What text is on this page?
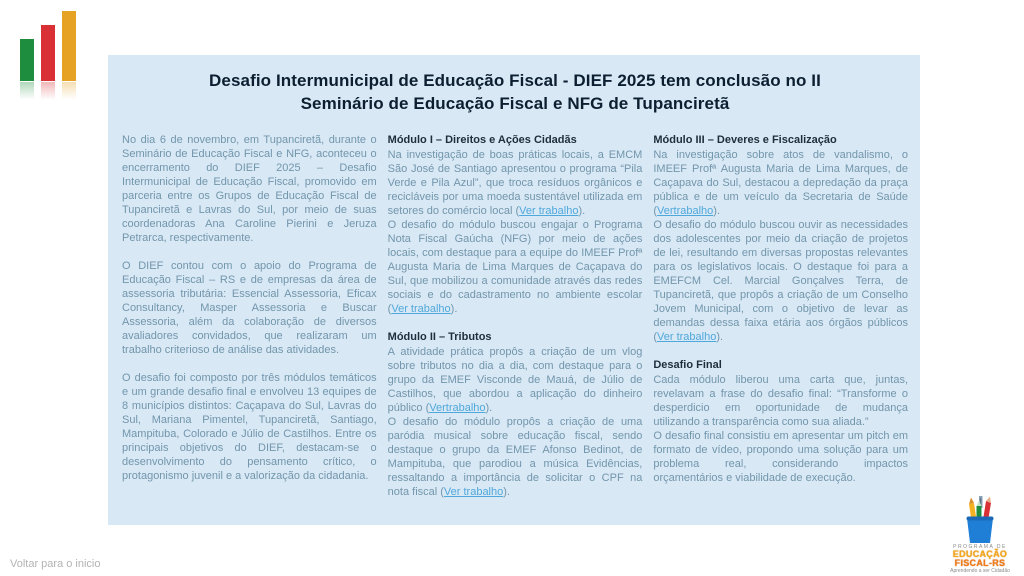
Desafio Intermunicipal de Educação Fiscal - DIEF 2025 tem conclusão no II
Seminário de Educação Fiscal e NFG de Tupanciretã

No dia 6 de novembro, em Tupanciretã, durante o Seminário de Educação Fiscal e NFG, aconteceu o encerramento do DIEF 2025 – Desafio Intermunicipal de Educação Fiscal, promovido em parceria entre os Grupos de Educação Fiscal de Tupanciretã e Lavras do Sul, por meio de suas coordenadoras Ana Caroline Pierini e Jeruza Petrarca, respectivamente.

O DIEF contou com o apoio do Programa de Educação Fiscal – RS e de empresas da área de assessoria tributária: Essencial Assessoria, Eficax Consultancy, Masper Assessoria e Buscar Assessoria, além da colaboração de diversos avaliadores convidados, que realizaram um trabalho criterioso de análise das atividades.

O desafio foi composto por três módulos temáticos e um grande desafio final e envolveu 13 equipes de 8 municípios distintos: Caçapava do Sul, Lavras do Sul, Mariana Pimentel, Tupanciretã, Santiago, Mampituba, Colorado e Júlio de Castilhos. Entre os principais objetivos do DIEF, destacam-se o desenvolvimento do pensamento crítico, o protagonismo juvenil e a valorização da cidadania.

Módulo I – Direitos e Ações Cidadãs

Na investigação de boas práticas locais, a EMCM São José de Santiago apresentou o programa “Pila Verde e Pila Azul”, que troca resíduos orgânicos e recicláveis por uma moeda sustentável utilizada em setores do comércio local (Ver trabalho).

O desafio do módulo buscou engajar o Programa Nota Fiscal Gaúcha (NFG) por meio de ações locais, com destaque para a equipe do IMEEF Profª Augusta Maria de Lima Marques de Caçapava do Sul, que mobilizou a comunidade através das redes sociais e do cadastramento no ambiente escolar (Ver trabalho).

Módulo II – Tributos

A atividade prática propôs a criação de um vlog sobre tributos no dia a dia, com destaque para o grupo da EMEF Visconde de Mauá, de Júlio de Castilhos, que abordou a aplicação do dinheiro público (Vertrabalho).

O desafio do módulo propôs a criação de uma paródia musical sobre educação fiscal, sendo destaque o grupo da EMEF Afonso Bedinot, de Mampituba, que parodiou a música Evidências, ressaltando a importância de solicitar o CPF na nota fiscal (Ver trabalho).

Módulo III – Deveres e Fiscalização

Na investigação sobre atos de vandalismo, o IMEEF Profª Augusta Maria de Lima Marques, de Caçapava do Sul, destacou a depredação da praça pública e de um veículo da Secretaria de Saúde (Vertrabalho).

O desafio do módulo buscou ouvir as necessidades dos adolescentes por meio da criação de projetos de lei, resultando em diversas propostas relevantes para os legislativos locais. O destaque foi para a EMEFCM Cel. Marcial Gonçalves Terra, de Tupanciretã, que propôs a criação de um Conselho Jovem Municipal, com o objetivo de levar as demandas dessa faixa etária aos órgãos públicos (Ver trabalho).

Desafio Final

Cada módulo liberou uma carta que, juntas, revelavam a frase do desafio final: “Transforme o desperdicio em oportunidade de mudança utilizando a transparência como sua aliada.”

O desafio final consistiu em apresentar um pitch em formato de vídeo, propondo uma solução para um problema real, considerando impactos orçamentários e viabilidade de execução.

Voltar para o inicio
PROGRAMA DE
EDUCAÇÃO
FISCAL-RS
Aprendendo a ser Cidadão
